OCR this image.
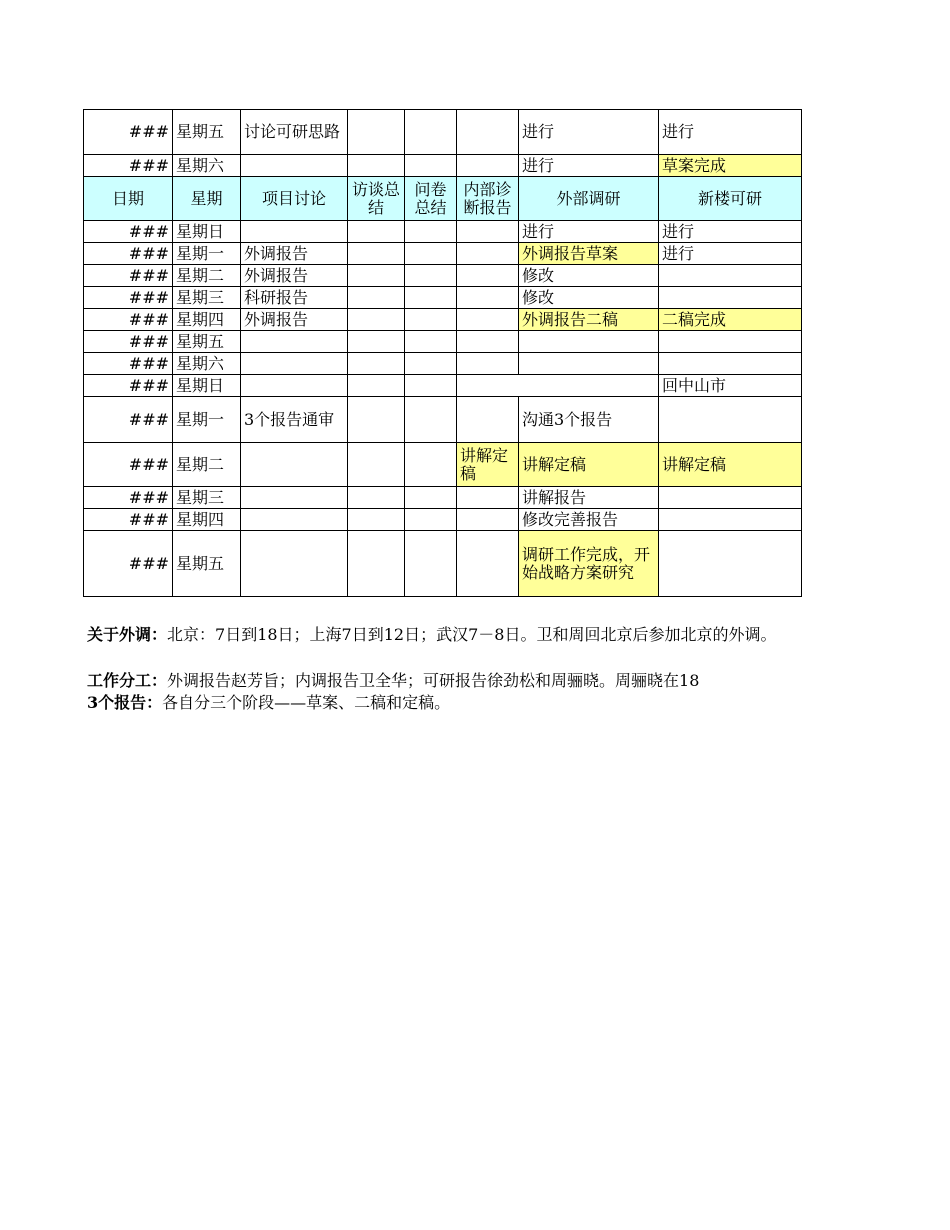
###	星期五	讨论可研思路				进行	进行
###	星期六					进行	草案完成
日期	星期	项目讨论	访谈总结	问卷总结	内部诊断报告	外部调研	新楼可研
###	星期日					进行	进行
###	星期一	外调报告				外调报告草案	进行
###	星期二	外调报告				修改	
###	星期三	科研报告				修改	
###	星期四	外调报告				外调报告二稿	二稿完成
###	星期五						
###	星期六						
###	星期日						回中山市
###	星期一	3个报告通审				沟通3个报告	
###	星期二				讲解定稿	讲解定稿	讲解定稿
###	星期三					讲解报告	
###	星期四					修改完善报告	
###	星期五					调研工作完成，开始战略方案研究	
关于外调：北京：7日到18日；上海7日到12日；武汉7－8日。卫和周回北京后参加北京的外调。
工作分工：外调报告赵芳旨；内调报告卫全华；可研报告徐劲松和周骊晓。周骊晓在18
3个报告：各自分三个阶段——草案、二稿和定稿。
